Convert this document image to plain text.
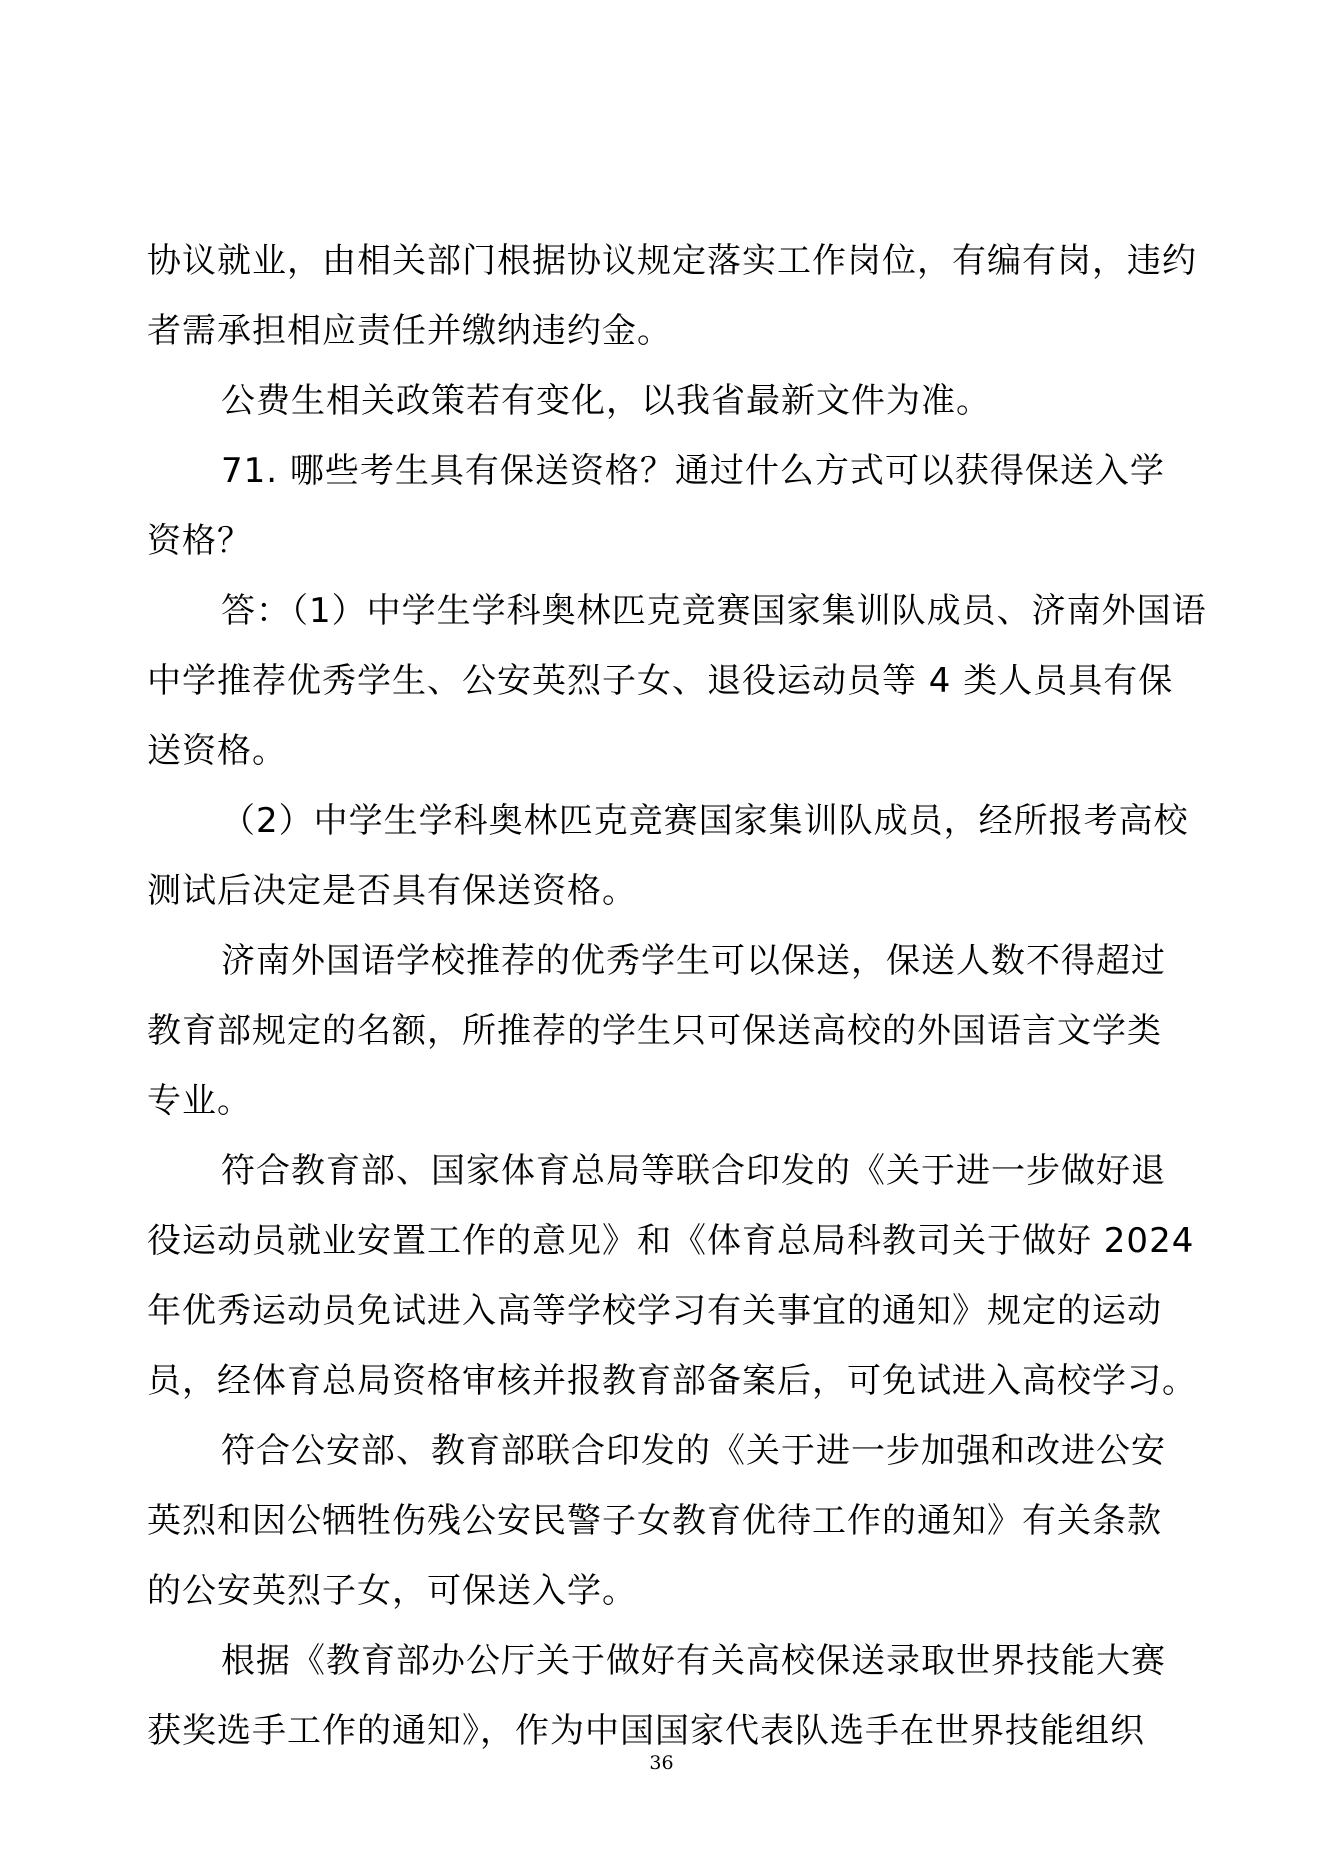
协议就业，由相关部门根据协议规定落实工作岗位，有编有岗，违约
者需承担相应责任并缴纳违约金。
公费生相关政策若有变化，以我省最新文件为准。
71. 哪些考生具有保送资格？通过什么方式可以获得保送入学
资格？
答：（1）中学生学科奥林匹克竞赛国家集训队成员、济南外国语
中学推荐优秀学生、公安英烈子女、退役运动员等 4 类人员具有保
送资格。
（2）中学生学科奥林匹克竞赛国家集训队成员，经所报考高校
测试后决定是否具有保送资格。
济南外国语学校推荐的优秀学生可以保送，保送人数不得超过
教育部规定的名额，所推荐的学生只可保送高校的外国语言文学类
专业。
符合教育部、国家体育总局等联合印发的《关于进一步做好退
役运动员就业安置工作的意见》和《体育总局科教司关于做好 2024
年优秀运动员免试进入高等学校学习有关事宜的通知》规定的运动
员，经体育总局资格审核并报教育部备案后，可免试进入高校学习。
符合公安部、教育部联合印发的《关于进一步加强和改进公安
英烈和因公牺牲伤残公安民警子女教育优待工作的通知》有关条款
的公安英烈子女，可保送入学。
根据《教育部办公厅关于做好有关高校保送录取世界技能大赛
获奖选手工作的通知》，作为中国国家代表队选手在世界技能组织
36
